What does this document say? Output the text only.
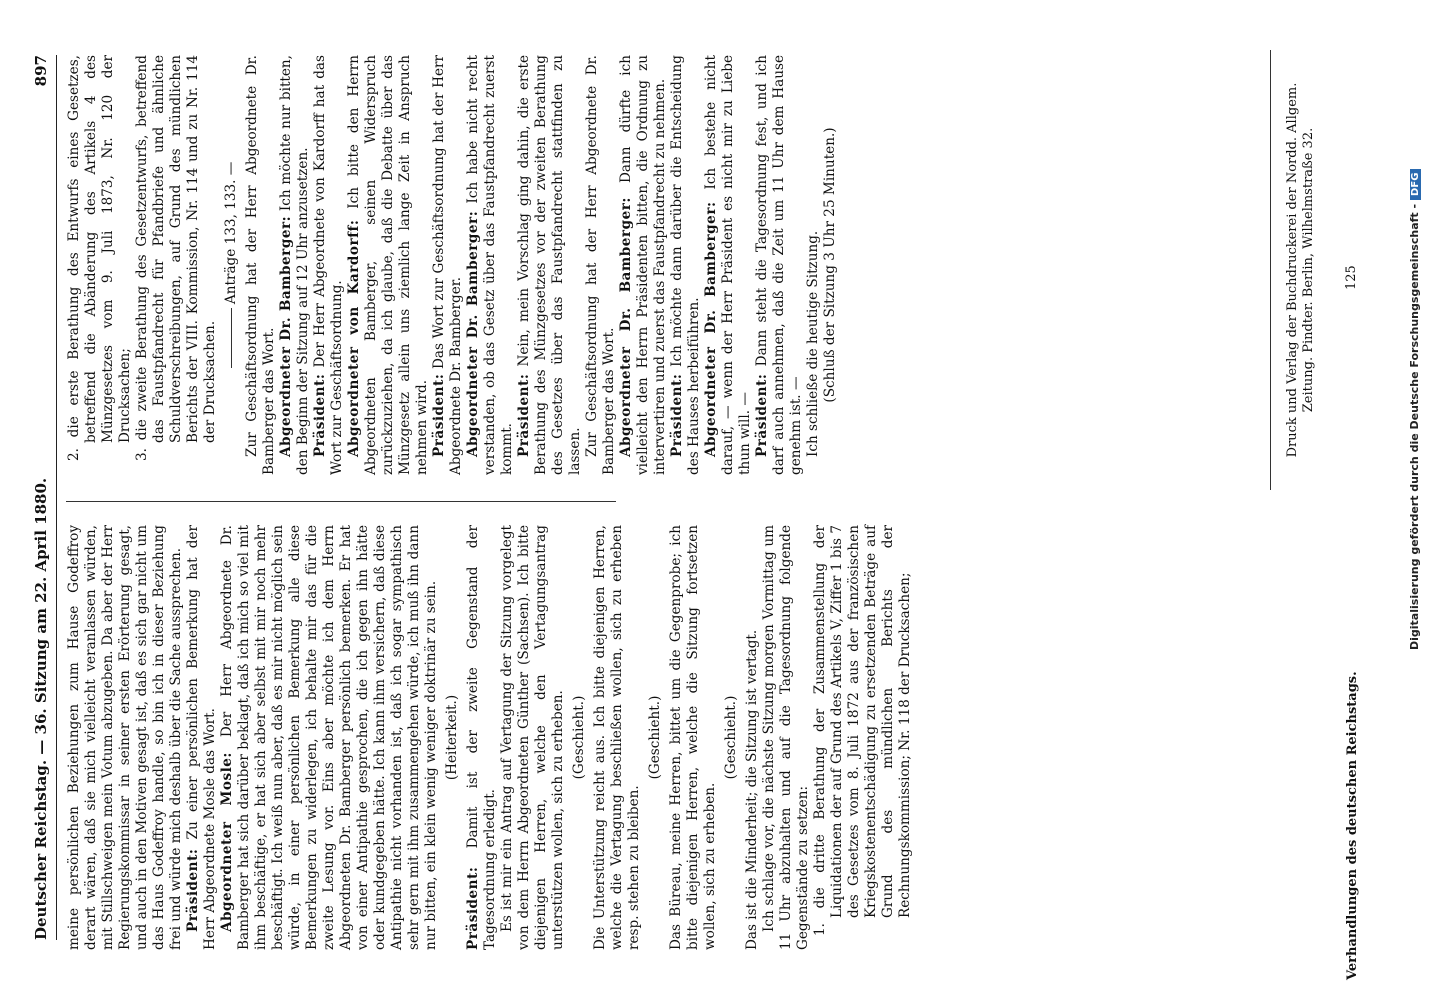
Deutscher Reichstag. — 36. Sitzung am 22. April 1880.
897

meine persönlichen Beziehungen zum Hause Godeffroy derart wären, daß sie mich vielleicht veranlassen würden, mit Stillschweigen mein Votum abzugeben. Da aber der Herr Regierungskommissar in seiner ersten Erörterung gesagt, und auch in den Motiven gesagt ist, daß es sich gar nicht um das Haus Godeffroy handle, so bin ich in dieser Beziehung frei und würde mich deshalb über die Sache aussprechen. Präsident: Zu einer persönlichen Bemerkung hat der Herr Abgeordnete Mosle das Wort. Abgeordneter Mosle: Der Herr Abgeordnete Dr. Bamberger hat sich darüber beklagt, daß ich mich so viel mit ihm beschäftige, er hat sich aber selbst mit mir noch mehr beschäftigt. Ich weiß nun aber, daß es mir nicht möglich sein würde, in einer persönlichen Bemerkung alle diese Bemerkungen zu widerlegen, ich behalte mir das für die zweite Lesung vor. Eins aber möchte ich dem Herrn Abgeordneten Dr. Bamberger persönlich bemerken. Er hat von einer Antipathie gesprochen, die ich gegen ihn hätte oder kundgegeben hätte. Ich kann ihm versichern, daß diese Antipathie nicht vorhanden ist, daß ich sogar sympathisch sehr gern mit ihm zusammengehen würde, ich muß ihn dann nur bitten, ein klein wenig weniger doktrinär zu sein. (Heiterkeit.)

Präsident: Damit ist der zweite Gegenstand der Tagesordnung erledigt. Es ist mir ein Antrag auf Vertagung der Sitzung vorgelegt von dem Herrn Abgeordneten Günther (Sachsen). Ich bitte diejenigen Herren, welche den Vertagungsantrag unterstützen wollen, sich zu erheben. (Geschieht.) Die Unterstützung reicht aus. Ich bitte diejenigen Herren, welche die Vertagung beschließen wollen, sich zu erheben resp. stehen zu bleiben.

(Geschieht.) Das Büreau, meine Herren, bittet um die Gegenprobe; ich bitte diejenigen Herren, welche die Sitzung fortsetzen wollen, sich zu erheben.

(Geschieht.) Das ist die Minderheit; die Sitzung ist vertagt. Ich schlage vor, die nächste Sitzung morgen Vormittag um 11 Uhr abzuhalten und auf die Tagesordnung folgende Gegenstände zu setzen: 1. die dritte Berathung der Zusammenstellung der Liquidationen der auf Grund des Artikels V, Ziffer 1 bis 7 des Gesetzes vom 8. Juli 1872 aus der französischen Kriegskostenentschädigung zu ersetzenden Beträge auf Grund des mündlichen Berichts der Rechnungskommission; Nr. 118 der Drucksachen;

2. die erste Berathung des Entwurfs eines Gesetzes, betreffend die Abänderung des Artikels 4 des Münzgesetzes vom 9. Juli 1873, Nr. 120 der Drucksachen; 3. die zweite Berathung des Gesetzentwurfs, betreffend das Faustpfandrecht für Pfandbriefe und ähnliche Schuldverschreibungen, auf Grund des mündlichen Berichts der VIII. Kommission, Nr. 114 und zu Nr. 114 der Drucksachen.

Anträge 133, 133. — Zur Geschäftsordnung hat der Herr Abgeordnete Dr. Bamberger das Wort. Abgeordneter Dr. Bamberger: Ich möchte nur bitten, den Beginn der Sitzung auf 12 Uhr anzusetzen. Präsident: Der Herr Abgeordnete von Kardorff hat das Wort zur Geschäftsordnung. Abgeordneter von Kardorff: Ich bitte den Herrn Abgeordneten Bamberger, seinen Widerspruch zurückzuziehen, da ich glaube, daß die Debatte über das Münzgesetz allein uns ziemlich lange Zeit in Anspruch nehmen wird. Präsident: Das Wort zur Geschäftsordnung hat der Herr Abgeordnete Dr. Bamberger. Abgeordneter Dr. Bamberger: Ich habe nicht recht verstanden, ob das Gesetz über das Faustpfandrecht zuerst kommt. Präsident: Nein, mein Vorschlag ging dahin, die erste Berathung des Münzgesetzes vor der zweiten Berathung des Gesetzes über das Faustpfandrecht stattfinden zu lassen. Zur Geschäftsordnung hat der Herr Abgeordnete Dr. Bamberger das Wort. Abgeordneter Dr. Bamberger: Dann dürfte ich vielleicht den Herrn Präsidenten bitten, die Ordnung zu intervertiren und zuerst das Faustpfandrecht zu nehmen. Präsident: Ich möchte dann darüber die Entscheidung des Hauses herbeiführen. Abgeordneter Dr. Bamberger: Ich bestehe nicht darauf, — wenn der Herr Präsident es nicht mir zu Liebe thun will. — Präsident: Dann steht die Tagesordnung fest, und ich darf auch annehmen, daß die Zeit um 11 Uhr dem Hause genehm ist. — Ich schließe die heutige Sitzung. (Schluß der Sitzung 3 Uhr 25 Minuten.)	Druck und Verlag der Buchdruckerei der Nordd. Allgem. Zeitung. Pindter. Berlin, Wilhelmstraße 32.
Verhandlungen des deutschen Reichstags.
125	Digitalisierung gefördert durch die Deutsche Forschungsgemeinschaft -DFG
